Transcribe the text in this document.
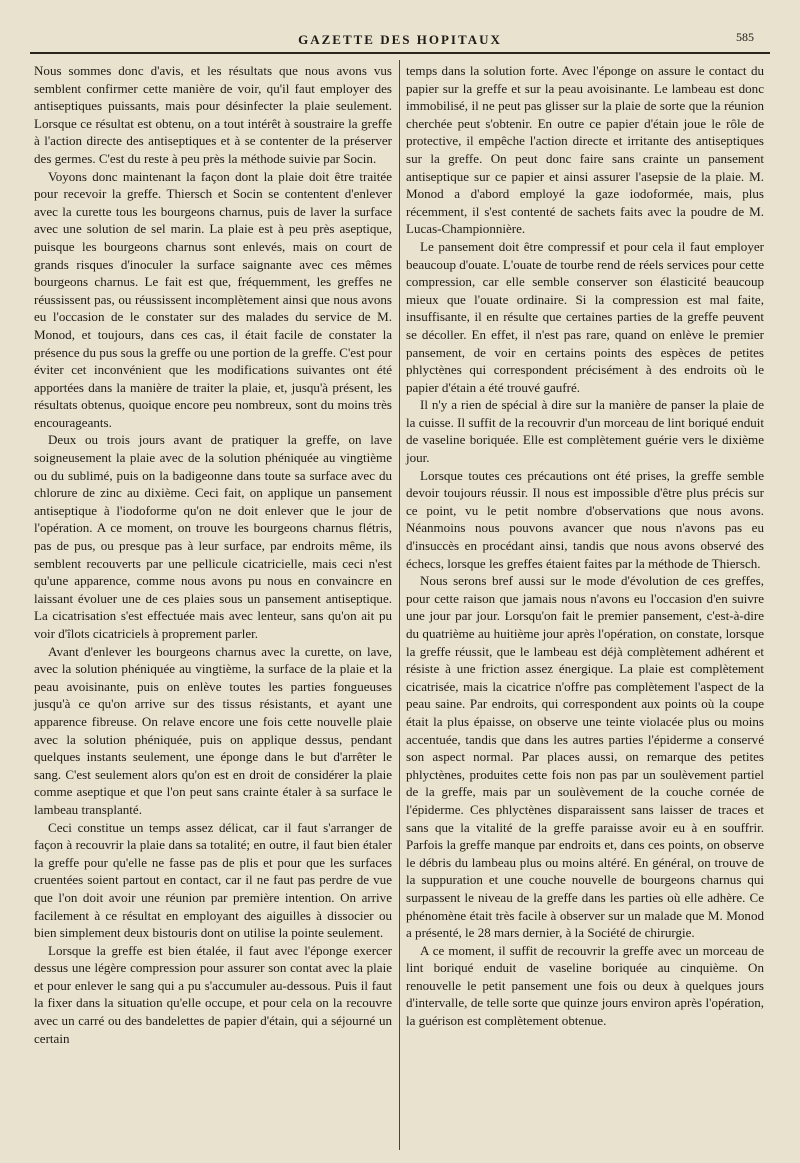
GAZETTE DES HOPITAUX	585

Nous sommes donc d'avis, et les résultats que nous avons vus semblent confirmer cette manière de voir, qu'il faut employer des antiseptiques puissants, mais pour désinfecter la plaie seulement. Lorsque ce résultat est obtenu, on a tout intérêt à soustraire la greffe à l'action directe des antiseptiques et à se contenter de la préserver des germes. C'est du reste à peu près la méthode suivie par Socin.

Voyons donc maintenant la façon dont la plaie doit être traitée pour recevoir la greffe. Thiersch et Socin se contentent d'enlever avec la curette tous les bourgeons charnus, puis de laver la surface avec une solution de sel marin. La plaie est à peu près aseptique, puisque les bourgeons charnus sont enlevés, mais on court de grands risques d'inoculer la surface saignante avec ces mêmes bourgeons charnus. Le fait est que, fréquemment, les greffes ne réussissent pas, ou réussissent incomplètement ainsi que nous avons eu l'occasion de le constater sur des malades du service de M. Monod, et toujours, dans ces cas, il était facile de constater la présence du pus sous la greffe ou une portion de la greffe. C'est pour éviter cet inconvénient que les modifications suivantes ont été apportées dans la manière de traiter la plaie, et, jusqu'à présent, les résultats obtenus, quoique encore peu nombreux, sont du moins très encourageants.

Deux ou trois jours avant de pratiquer la greffe, on lave soigneusement la plaie avec de la solution phéniquée au vingtième ou du sublimé, puis on la badigeonne dans toute sa surface avec du chlorure de zinc au dixième. Ceci fait, on applique un pansement antiseptique à l'iodoforme qu'on ne doit enlever que le jour de l'opération. A ce moment, on trouve les bourgeons charnus flétris, pas de pus, ou presque pas à leur surface, par endroits même, ils semblent recouverts par une pellicule cicatricielle, mais ceci n'est qu'une apparence, comme nous avons pu nous en convaincre en laissant évoluer une de ces plaies sous un pansement antiseptique. La cicatrisation s'est effectuée mais avec lenteur, sans qu'on ait pu voir d'îlots cicatriciels à proprement parler.

Avant d'enlever les bourgeons charnus avec la curette, on lave, avec la solution phéniquée au vingtième, la surface de la plaie et la peau avoisinante, puis on enlève toutes les parties fongueuses jusqu'à ce qu'on arrive sur des tissus résistants, et ayant une apparence fibreuse. On relave encore une fois cette nouvelle plaie avec la solution phéniquée, puis on applique dessus, pendant quelques instants seulement, une éponge dans le but d'arrêter le sang. C'est seulement alors qu'on est en droit de considérer la plaie comme aseptique et que l'on peut sans crainte étaler à sa surface le lambeau transplanté.

Ceci constitue un temps assez délicat, car il faut s'arranger de façon à recouvrir la plaie dans sa totalité; en outre, il faut bien étaler la greffe pour qu'elle ne fasse pas de plis et pour que les surfaces cruentées soient partout en contact, car il ne faut pas perdre de vue que l'on doit avoir une réunion par première intention. On arrive facilement à ce résultat en employant des aiguilles à dissocier ou bien simplement deux bistouris dont on utilise la pointe seulement.

Lorsque la greffe est bien étalée, il faut avec l'éponge exercer dessus une légère compression pour assurer son contat avec la plaie et pour enlever le sang qui a pu s'accumuler au-dessous. Puis il faut la fixer dans la situation qu'elle occupe, et pour cela on la recouvre avec un carré ou des bandelettes de papier d'étain, qui a séjourné un certain

temps dans la solution forte. Avec l'éponge on assure le contact du papier sur la greffe et sur la peau avoisinante. Le lambeau est donc immobilisé, il ne peut pas glisser sur la plaie de sorte que la réunion cherchée peut s'obtenir. En outre ce papier d'étain joue le rôle de protective, il empêche l'action directe et irritante des antiseptiques sur la greffe. On peut donc faire sans crainte un pansement antiseptique sur ce papier et ainsi assurer l'asepsie de la plaie. M. Monod a d'abord employé la gaze iodoformée, mais, plus récemment, il s'est contenté de sachets faits avec la poudre de M. Lucas-Championnière.

Le pansement doit être compressif et pour cela il faut employer beaucoup d'ouate. L'ouate de tourbe rend de réels services pour cette compression, car elle semble conserver son élasticité beaucoup mieux que l'ouate ordinaire. Si la compression est mal faite, insuffisante, il en résulte que certaines parties de la greffe peuvent se décoller. En effet, il n'est pas rare, quand on enlève le premier pansement, de voir en certains points des espèces de petites phlyctènes qui correspondent précisément à des endroits où le papier d'étain a été trouvé gaufré.

Il n'y a rien de spécial à dire sur la manière de panser la plaie de la cuisse. Il suffit de la recouvrir d'un morceau de lint boriqué enduit de vaseline boriquée. Elle est complètement guérie vers le dixième jour.

Lorsque toutes ces précautions ont été prises, la greffe semble devoir toujours réussir. Il nous est impossible d'être plus précis sur ce point, vu le petit nombre d'observations que nous avons. Néanmoins nous pouvons avancer que nous n'avons pas eu d'insuccès en procédant ainsi, tandis que nous avons observé des échecs, lorsque les greffes étaient faites par la méthode de Thiersch.

Nous serons bref aussi sur le mode d'évolution de ces greffes, pour cette raison que jamais nous n'avons eu l'occasion d'en suivre une jour par jour. Lorsqu'on fait le premier pansement, c'est-à-dire du quatrième au huitième jour après l'opération, on constate, lorsque la greffe réussit, que le lambeau est déjà complètement adhérent et résiste à une friction assez énergique. La plaie est complètement cicatrisée, mais la cicatrice n'offre pas complètement l'aspect de la peau saine. Par endroits, qui correspondent aux points où la coupe était la plus épaisse, on observe une teinte violacée plus ou moins accentuée, tandis que dans les autres parties l'épiderme a conservé son aspect normal. Par places aussi, on remarque des petites phlyctènes, produites cette fois non pas par un soulèvement partiel de la greffe, mais par un soulèvement de la couche cornée de l'épiderme. Ces phlyctènes disparaissent sans laisser de traces et sans que la vitalité de la greffe paraisse avoir eu à en souffrir. Parfois la greffe manque par endroits et, dans ces points, on observe le débris du lambeau plus ou moins altéré. En général, on trouve de la suppuration et une couche nouvelle de bourgeons charnus qui surpassent le niveau de la greffe dans les parties où elle adhère. Ce phénomène était très facile à observer sur un malade que M. Monod a présenté, le 28 mars dernier, à la Société de chirurgie.

A ce moment, il suffit de recouvrir la greffe avec un morceau de lint boriqué enduit de vaseline boriquée au cinquième. On renouvelle le petit pansement une fois ou deux à quelques jours d'intervalle, de telle sorte que quinze jours environ après l'opération, la guérison est complètement obtenue.
